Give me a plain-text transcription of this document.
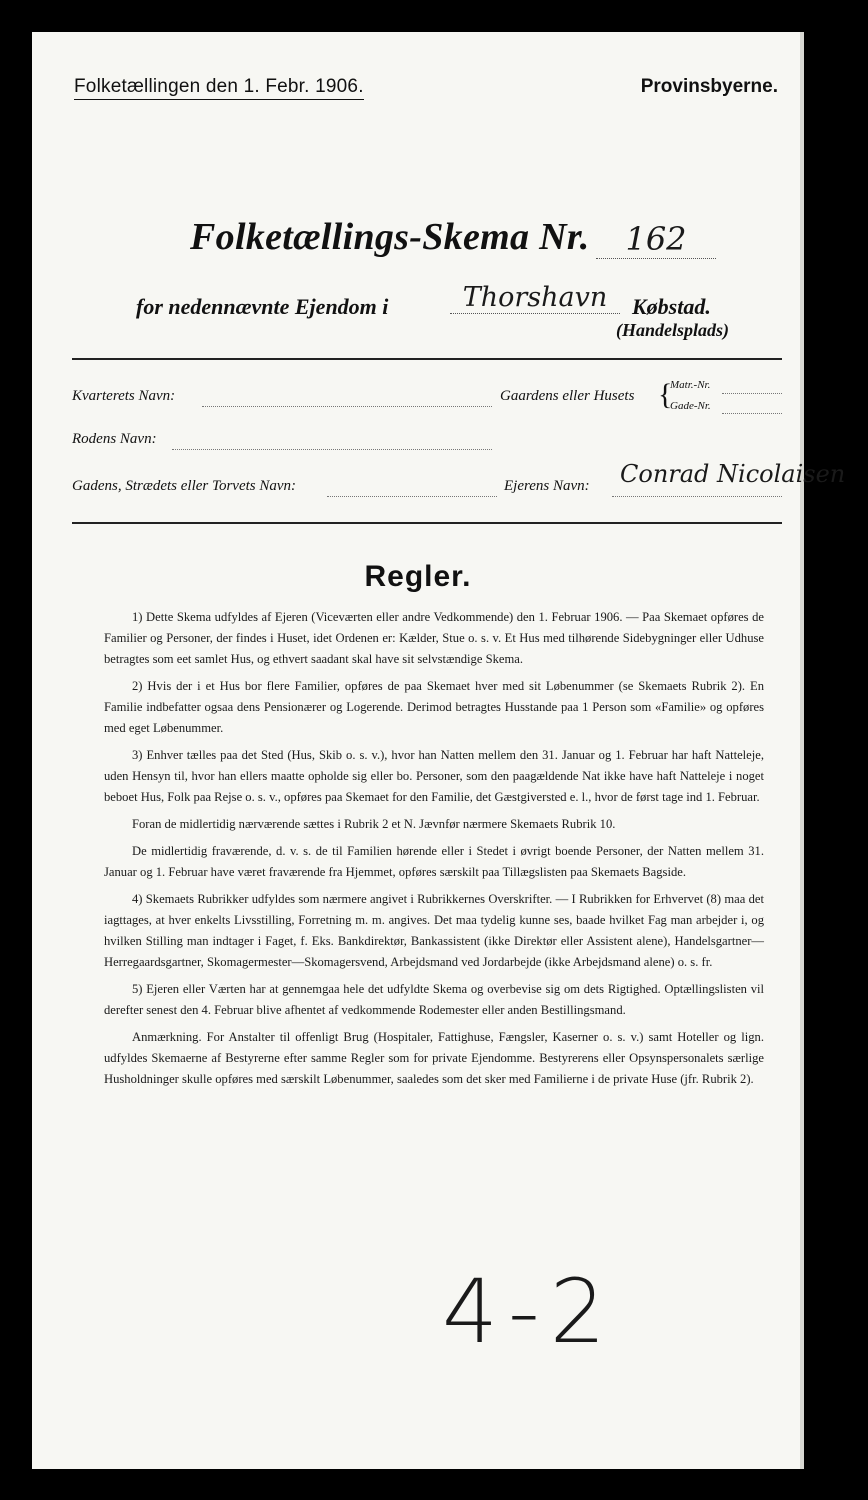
Folketællingen den 1. Febr. 1906.	Provinsbyerne.
Folketællings-Skema Nr.	162
for nedennævnte Ejendom i	Thorshavn	Købstad.
(Handelsplads)
Kvarterets Navn:	Gaardens eller Husets {
Matr.-Nr.
Gade-Nr.
Rodens Navn:
Gadens, Strædets eller Torvets Navn:	Ejerens Navn: Conrad Nicolaisen
Regler.

1) Dette Skema udfyldes af Ejeren (Viceværten eller andre Vedkommende) den 1. Februar 1906. — Paa Skemaet opføres de Familier og Personer, der findes i Huset, idet Ordenen er: Kælder, Stue o. s. v. Et Hus med tilhørende Sidebygninger eller Udhuse betragtes som eet samlet Hus, og ethvert saadant skal have sit selvstændige Skema.

2) Hvis der i et Hus bor flere Familier, opføres de paa Skemaet hver med sit Løbenummer (se Skemaets Rubrik 2). En Familie indbefatter ogsaa dens Pensionærer og Logerende. Derimod betragtes Husstande paa 1 Person som «Familie» og opføres med eget Løbenummer.

3) Enhver tælles paa det Sted (Hus, Skib o. s. v.), hvor han Natten mellem den 31. Januar og 1. Februar har haft Natteleje, uden Hensyn til, hvor han ellers maatte opholde sig eller bo. Personer, som den paagældende Nat ikke have haft Natteleje i noget beboet Hus, Folk paa Rejse o. s. v., opføres paa Skemaet for den Familie, det Gæstgiversted e. l., hvor de først tage ind 1. Februar.

Foran de midlertidig nærværende sættes i Rubrik 2 et N. Jævnfør nærmere Skemaets Rubrik 10.

De midlertidig fraværende, d. v. s. de til Familien hørende eller i Stedet i øvrigt boende Personer, der Natten mellem 31. Januar og 1. Februar have været fraværende fra Hjemmet, opføres særskilt paa Tillægslisten paa Skemaets Bagside.

4) Skemaets Rubrikker udfyldes som nærmere angivet i Rubrikkernes Overskrifter. — I Rubrikken for Erhvervet (8) maa det iagttages, at hver enkelts Livsstilling, Forretning m. m. angives. Det maa tydelig kunne ses, baade hvilket Fag man arbejder i, og hvilken Stilling man indtager i Faget, f. Eks. Bankdirektør, Bankassistent (ikke Direktør eller Assistent alene), Handelsgartner—Herregaardsgartner, Skomagermester—Skomagersvend, Arbejdsmand ved Jordarbejde (ikke Arbejdsmand alene) o. s. fr.

5) Ejeren eller Værten har at gennemgaa hele det udfyldte Skema og overbevise sig om dets Rigtighed. Optællingslisten vil derefter senest den 4. Februar blive afhentet af vedkommende Rodemester eller anden Bestillingsmand.

Anmærkning. For Anstalter til offenligt Brug (Hospitaler, Fattighuse, Fængsler, Kaserner o. s. v.) samt Hoteller og lign. udfyldes Skemaerne af Bestyrerne efter samme Regler som for private Ejendomme. Bestyrerens eller Opsynspersonalets særlige Husholdninger skulle opføres med særskilt Løbenummer, saaledes som det sker med Familierne i de private Huse (jfr. Rubrik 2).

4-2
